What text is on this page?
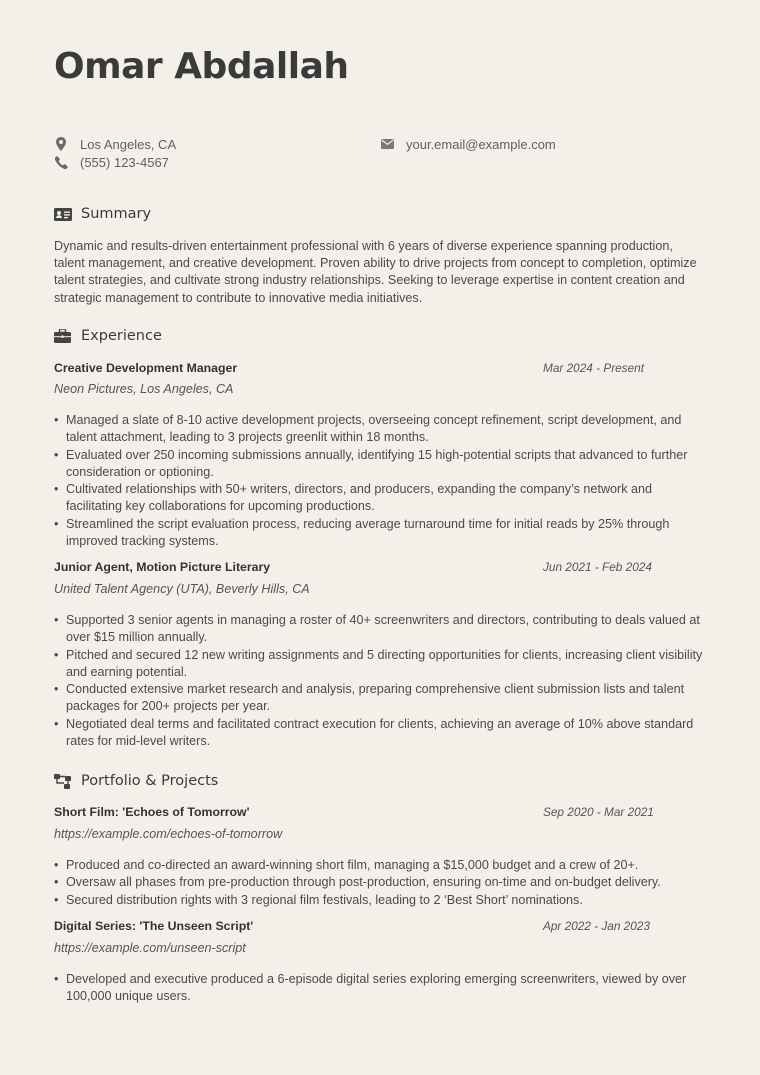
Omar Abdallah
Los Angeles, CA
(555) 123-4567
your.email@example.com
Summary

Dynamic and results-driven entertainment professional with 6 years of diverse experience spanning production, talent management, and creative development. Proven ability to drive projects from concept to completion, optimize talent strategies, and cultivate strong industry relationships. Seeking to leverage expertise in content creation and strategic management to contribute to innovative media initiatives.

Experience
Creative Development Manager	Mar 2024 - Present
Neon Pictures, Los Angeles, CA
• Managed a slate of 8-10 active development projects, overseeing concept refinement, script development, and talent attachment, leading to 3 projects greenlit within 18 months.
• Evaluated over 250 incoming submissions annually, identifying 15 high-potential scripts that advanced to further consideration or optioning.
• Cultivated relationships with 50+ writers, directors, and producers, expanding the company’s network and facilitating key collaborations for upcoming productions.
• Streamlined the script evaluation process, reducing average turnaround time for initial reads by 25% through improved tracking systems.
Junior Agent, Motion Picture Literary	Jun 2021 - Feb 2024
United Talent Agency (UTA), Beverly Hills, CA
• Supported 3 senior agents in managing a roster of 40+ screenwriters and directors, contributing to deals valued at over $15 million annually.
• Pitched and secured 12 new writing assignments and 5 directing opportunities for clients, increasing client visibility and earning potential.
• Conducted extensive market research and analysis, preparing comprehensive client submission lists and talent packages for 200+ projects per year.
• Negotiated deal terms and facilitated contract execution for clients, achieving an average of 10% above standard rates for mid-level writers.
Portfolio & Projects
Short Film: 'Echoes of Tomorrow'	Sep 2020 - Mar 2021
https://example.com/echoes-of-tomorrow
• Produced and co-directed an award-winning short film, managing a $15,000 budget and a crew of 20+.
• Oversaw all phases from pre-production through post-production, ensuring on-time and on-budget delivery.
• Secured distribution rights with 3 regional film festivals, leading to 2 ‘Best Short’ nominations.
Digital Series: 'The Unseen Script'	Apr 2022 - Jan 2023
https://example.com/unseen-script
• Developed and executive produced a 6-episode digital series exploring emerging screenwriters, viewed by over 100,000 unique users.
